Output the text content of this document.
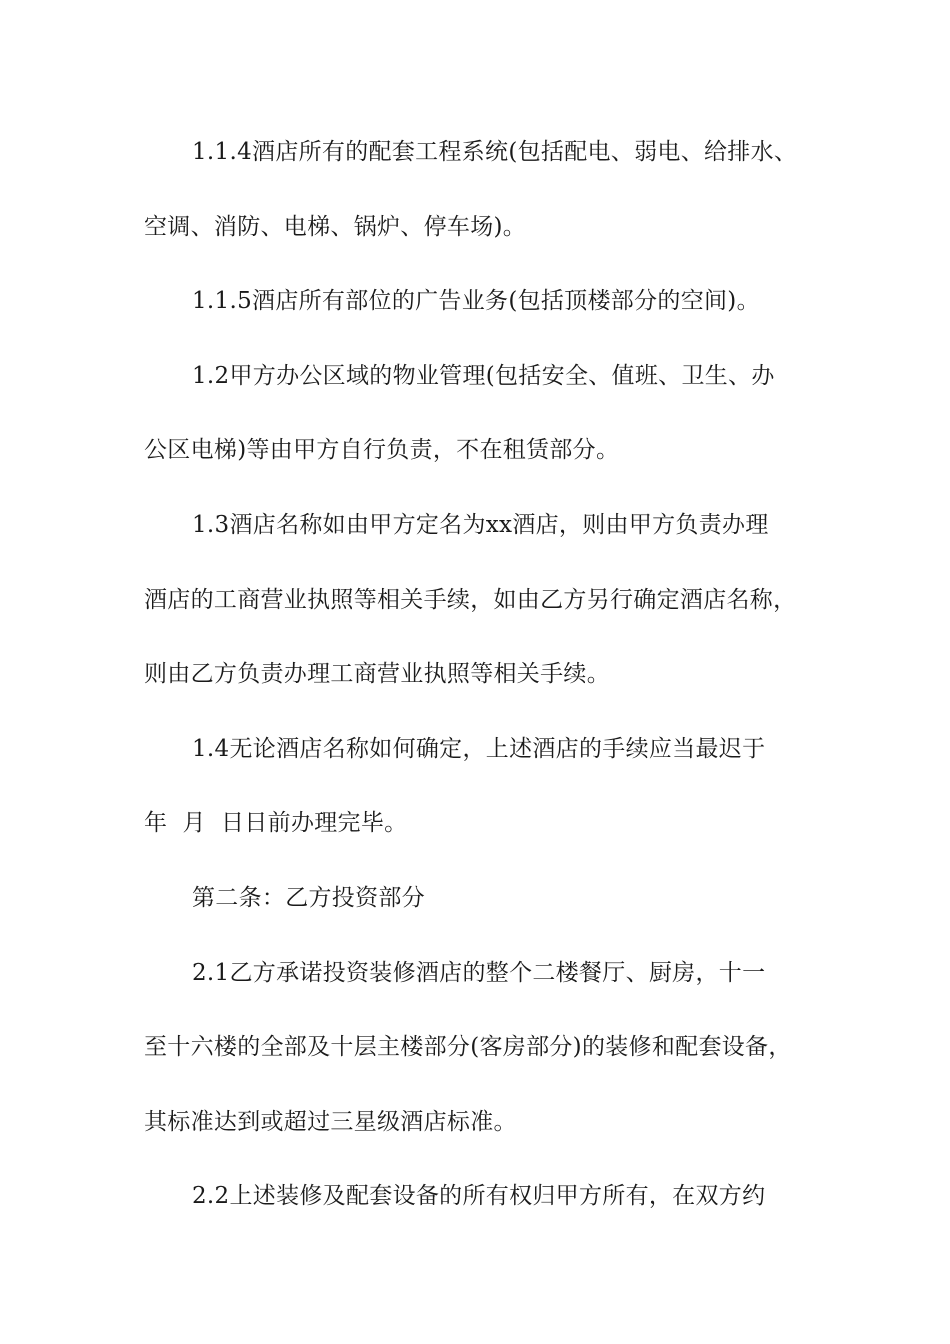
1.1.4酒店所有的配套工程系统(包括配电、弱电、给排水、
空调、消防、电梯、锅炉、停车场)。
1.1.5酒店所有部位的广告业务(包括顶楼部分的空间)。
1.2甲方办公区域的物业管理(包括安全、值班、卫生、办
公区电梯)等由甲方自行负责，不在租赁部分。
1.3酒店名称如由甲方定名为xx酒店，则由甲方负责办理
酒店的工商营业执照等相关手续，如由乙方另行确定酒店名称，
则由乙方负责办理工商营业执照等相关手续。
1.4无论酒店名称如何确定，上述酒店的手续应当最迟于
年  月  日日前办理完毕。
第二条：乙方投资部分
2.1乙方承诺投资装修酒店的整个二楼餐厅、厨房，十一
至十六楼的全部及十层主楼部分(客房部分)的装修和配套设备，
其标准达到或超过三星级酒店标准。
2.2上述装修及配套设备的所有权归甲方所有，在双方约
